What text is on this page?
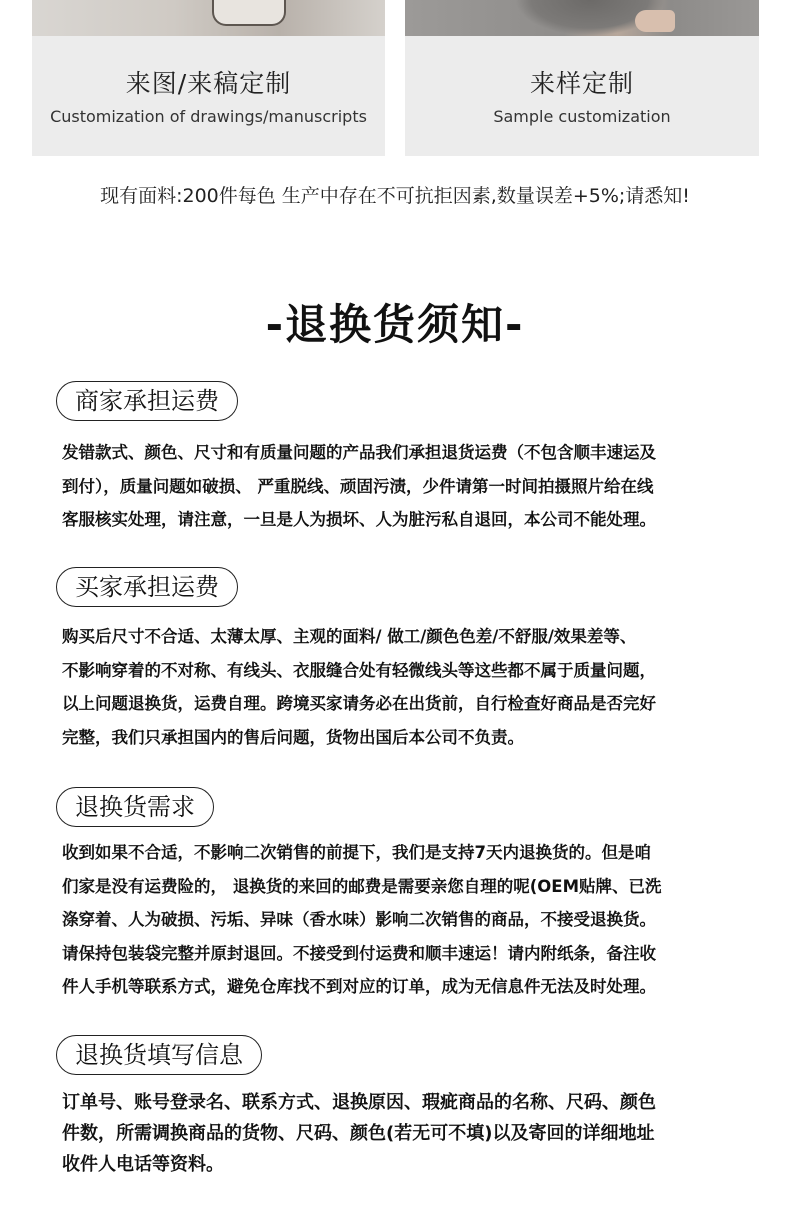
来图/来稿定制
Customization of drawings/manuscripts
来样定制
Sample customization
现有面料:200件每色 生产中存在不可抗拒因素,数量误差+5%;请悉知!
-退换货须知-
商家承担运费
发错款式、颜色、尺寸和有质量问题的产品我们承担退货运费（不包含顺丰速运及
到付），质量问题如破损、 严重脱线、顽固污渍，少件请第一时间拍摄照片给在线
客服核实处理，请注意，一旦是人为损坏、人为脏污私自退回，本公司不能处理。
买家承担运费
购买后尺寸不合适、太薄太厚、主观的面料/ 做工/颜色色差/不舒服/效果差等、
不影响穿着的不对称、有线头、衣服缝合处有轻微线头等这些都不属于质量问题，
以上问题退换货，运费自理。跨境买家请务必在出货前，自行检查好商品是否完好
完整，我们只承担国内的售后问题，货物出国后本公司不负责。
退换货需求
收到如果不合适，不影响二次销售的前提下，我们是支持7天内退换货的。但是咱
们家是没有运费险的， 退换货的来回的邮费是需要亲您自理的呢(OEM贴牌、已洗
涤穿着、人为破损、污垢、异味（香水味）影响二次销售的商品，不接受退换货。
请保持包装袋完整并原封退回。不接受到付运费和顺丰速运！请内附纸条，备注收
件人手机等联系方式，避免仓库找不到对应的订单，成为无信息件无法及时处理。
退换货填写信息
订单号、账号登录名、联系方式、退换原因、瑕疵商品的名称、尺码、颜色
件数，所需调换商品的货物、尺码、颜色(若无可不填)以及寄回的详细地址
收件人电话等资料。
